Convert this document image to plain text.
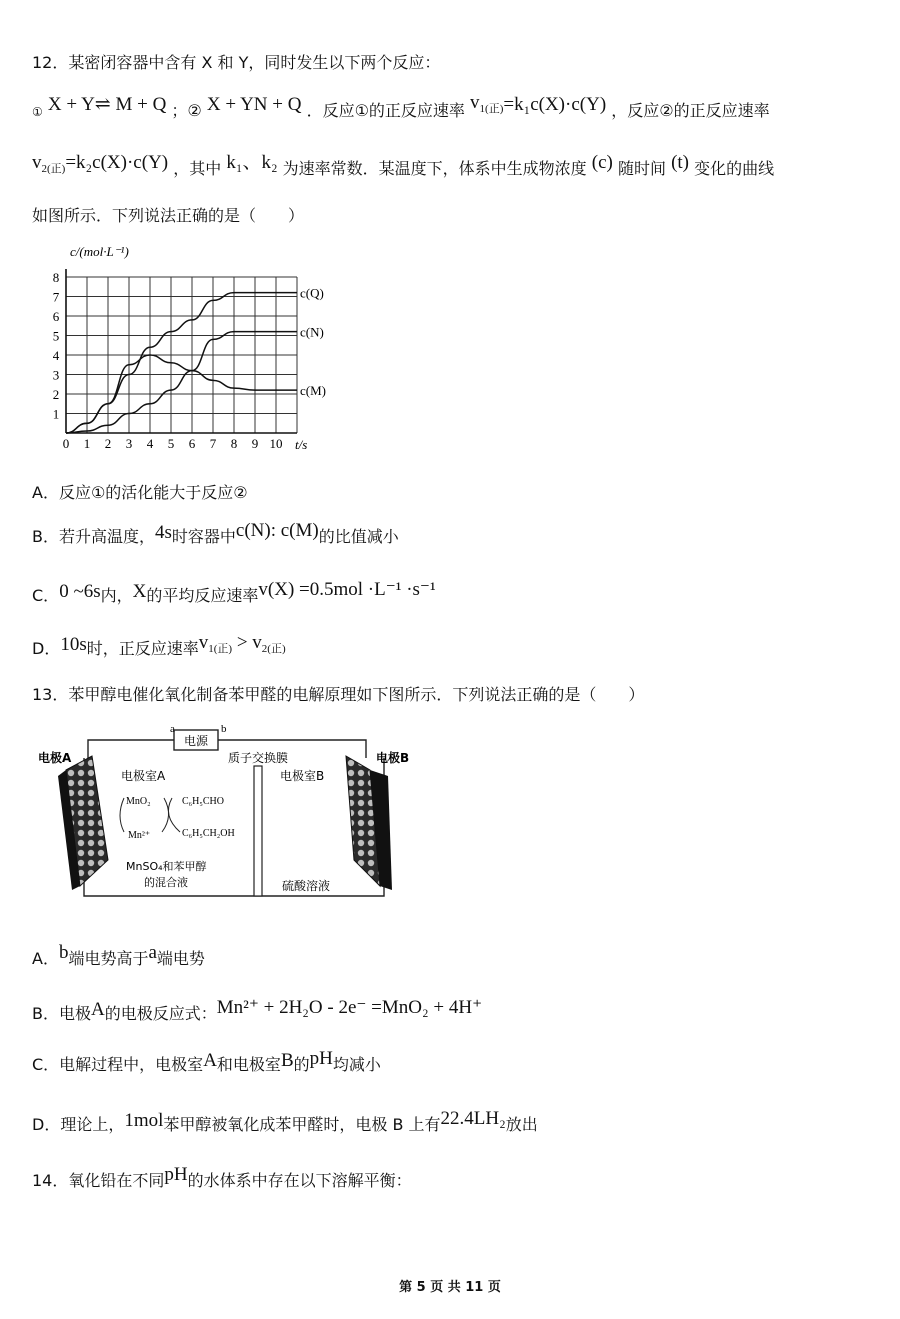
12．某密闭容器中含有 X 和 Y，同时发生以下两个反应：
① X + Y⇌ M + Q ；② X + YN + Q ．反应①的正反应速率 $v_{1(正)}=k_1c(X)\cdot c(Y)$ ，反应②的正反应速率
$v_{2(正)}=k_2c(X)\cdot c(Y)$ ，其中 k₁、k₂ 为速率常数．某温度下，体系中生成物浓度 (c) 随时间 (t) 变化的曲线
如图所示．下列说法正确的是（　　）
0 1 2 3 4 5 6 7 8 9 10
1
2
3
4
5
6
7
8
c(Q)
c(N)
c(M)
c/(mol·L⁻¹)
t/s
A．反应①的活化能大于反应②
B．若升高温度，4s时容器中c(N): c(M)的比值减小
C．0 ~6s内，X的平均反应速率v(X) =0.5mol ·L⁻¹ ·s⁻¹
D．10s时，正反应速率$v_{1(正)} > v_{2(正)}$
13．苯甲醇电催化氧化制备苯甲醛的电解原理如下图所示．下列说法正确的是（　　）
电源
a	b
质子交换膜
电极A	电极B
电极室A	电极室B
MnO₂
Mn²⁺
C₆H₅CHO
C₆H₅CH₂OH
MnSO₄和苯甲醇
的混合液	硫酸溶液
A．b端电势高于a端电势
B．电极A的电极反应式：Mn²⁺ + 2H₂O - 2e⁻ =MnO₂ + 4H⁺
C．电解过程中，电极室A和电极室B的pH均减小
D．理论上，1mol苯甲醇被氧化成苯甲醛时，电极 B 上有22.4LH₂放出
14．氧化铅在不同pH的水体系中存在以下溶解平衡：
第 5 页 共 11 页
